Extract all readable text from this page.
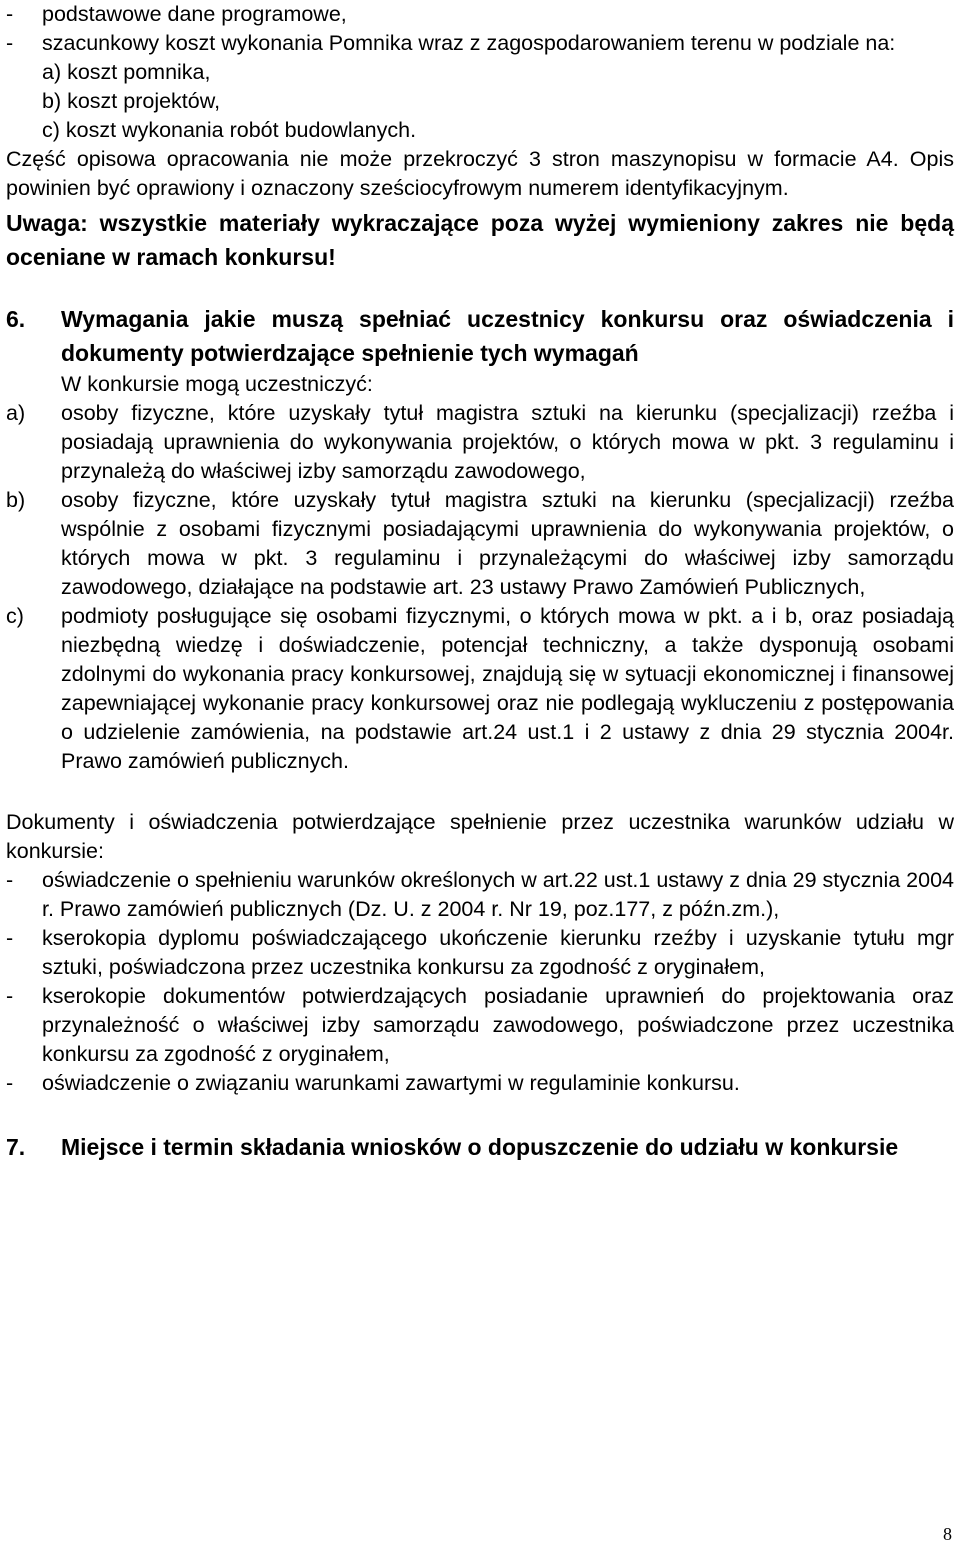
-	podstawowe dane programowe,
-	szacunkowy koszt wykonania Pomnika wraz z zagospodarowaniem terenu w podziale na:
a) koszt pomnika,
b) koszt projektów,
c) koszt wykonania robót budowlanych.
Część opisowa opracowania nie może przekroczyć 3 stron maszynopisu w formacie A4. Opis powinien być oprawiony i oznaczony sześciocyfrowym numerem identyfikacyjnym.
Uwaga: wszystkie materiały wykraczające poza wyżej wymieniony zakres nie będą oceniane w ramach konkursu!
6.	Wymagania jakie muszą spełniać uczestnicy konkursu oraz oświadczenia i dokumenty potwierdzające spełnienie tych wymagań
W konkursie mogą uczestniczyć:
a)	osoby fizyczne, które uzyskały tytuł magistra sztuki na kierunku (specjalizacji) rzeźba i posiadają uprawnienia do wykonywania projektów, o których mowa w pkt. 3 regulaminu i przynależą do właściwej izby samorządu zawodowego,
b)	osoby fizyczne, które uzyskały tytuł magistra sztuki na kierunku (specjalizacji) rzeźba wspólnie z osobami fizycznymi posiadającymi uprawnienia do wykonywania projektów, o których mowa w pkt. 3 regulaminu i przynależącymi do właściwej izby samorządu zawodowego, działające na podstawie art. 23 ustawy Prawo Zamówień Publicznych,
c)	podmioty posługujące się osobami fizycznymi, o których mowa w pkt. a i b, oraz posiadają niezbędną wiedzę i doświadczenie, potencjał techniczny, a także dysponują osobami zdolnymi do wykonania pracy konkursowej, znajdują się w sytuacji ekonomicznej i finansowej zapewniającej wykonanie pracy konkursowej oraz nie podlegają wykluczeniu z postępowania o udzielenie zamówienia, na podstawie art.24 ust.1 i 2 ustawy z dnia 29 stycznia 2004r. Prawo zamówień publicznych.
Dokumenty i oświadczenia potwierdzające spełnienie przez uczestnika warunków udziału w konkursie:
-	oświadczenie o spełnieniu warunków określonych w art.22 ust.1 ustawy z dnia 29 stycznia 2004 r. Prawo zamówień publicznych (Dz. U. z 2004 r. Nr 19, poz.177, z późn.zm.),
-	kserokopia dyplomu poświadczającego ukończenie kierunku rzeźby i uzyskanie tytułu mgr sztuki, poświadczona przez uczestnika konkursu za zgodność z oryginałem,
-	kserokopie dokumentów potwierdzających posiadanie uprawnień do projektowania oraz przynależność o właściwej izby samorządu zawodowego, poświadczone przez uczestnika konkursu za zgodność z oryginałem,
-	oświadczenie o związaniu warunkami zawartymi w regulaminie konkursu.
7.	Miejsce i termin składania wniosków o dopuszczenie do udziału w konkursie
8
